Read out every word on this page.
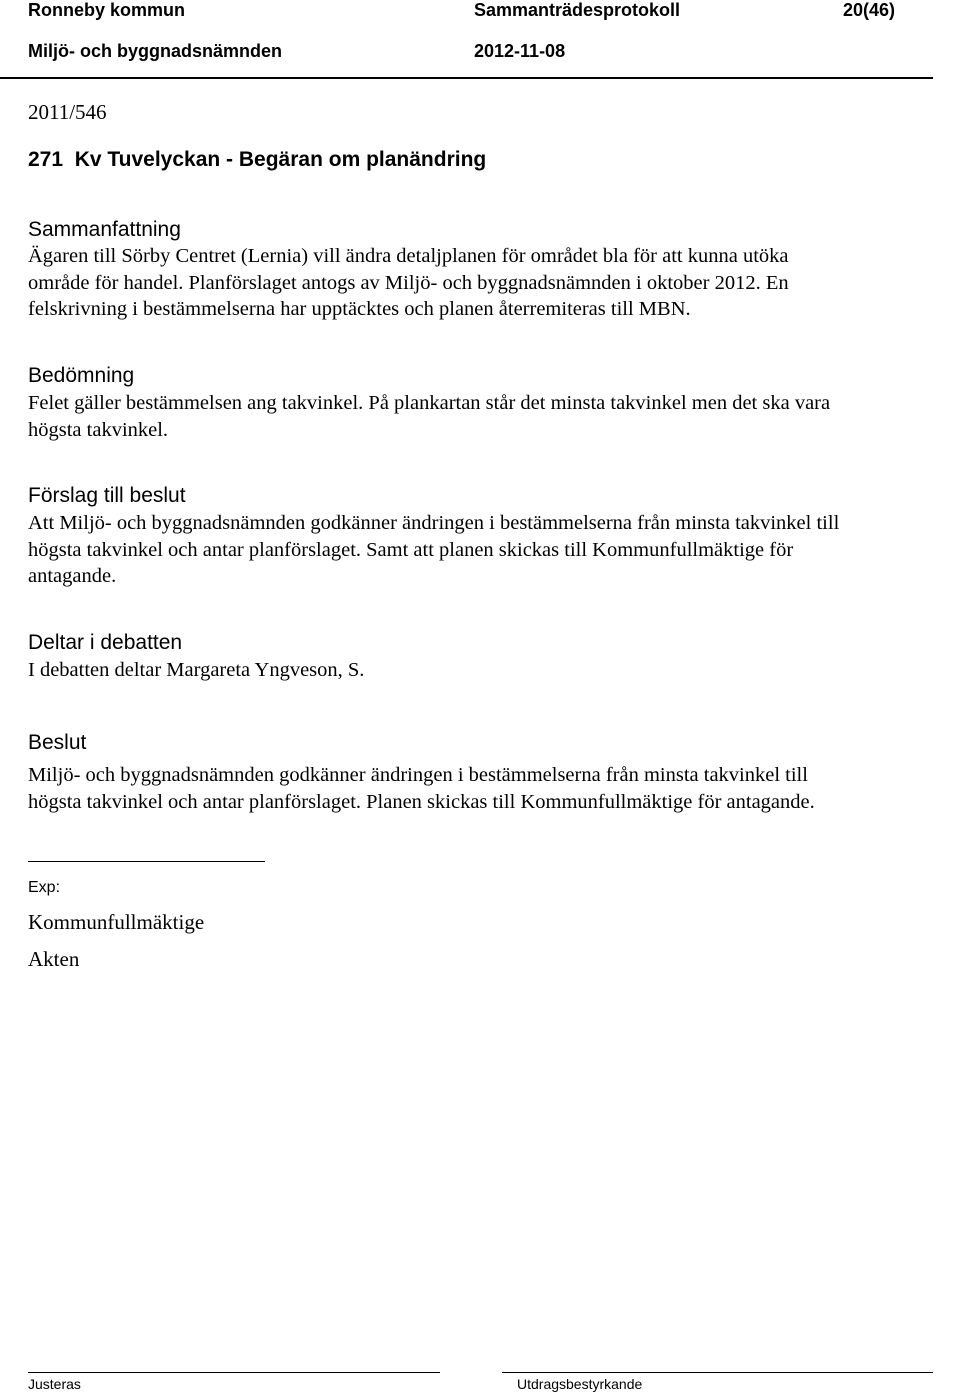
Ronneby kommun	Sammanträdesprotokoll	20(46)
Miljö- och byggnadsnämnden	2012-11-08
2011/546
271  Kv Tuvelyckan - Begäran om planändring
Sammanfattning
Ägaren till Sörby Centret (Lernia) vill ändra detaljplanen för området bla för att kunna utöka
område för handel. Planförslaget antogs av Miljö- och byggnadsnämnden i oktober 2012. En
felskrivning i bestämmelserna har upptäcktes och planen återremiteras till MBN.
Bedömning
Felet gäller bestämmelsen ang takvinkel. På plankartan står det minsta takvinkel men det ska vara
högsta takvinkel.
Förslag till beslut
Att Miljö- och byggnadsnämnden godkänner ändringen i bestämmelserna från minsta takvinkel till
högsta takvinkel och antar planförslaget. Samt att planen skickas till Kommunfullmäktige för
antagande.
Deltar i debatten
I debatten deltar Margareta Yngveson, S.
Beslut
Miljö- och byggnadsnämnden godkänner ändringen i bestämmelserna från minsta takvinkel till
högsta takvinkel och antar planförslaget. Planen skickas till Kommunfullmäktige för antagande.
Exp:
Kommunfullmäktige
Akten
Justeras	Utdragsbestyrkande
